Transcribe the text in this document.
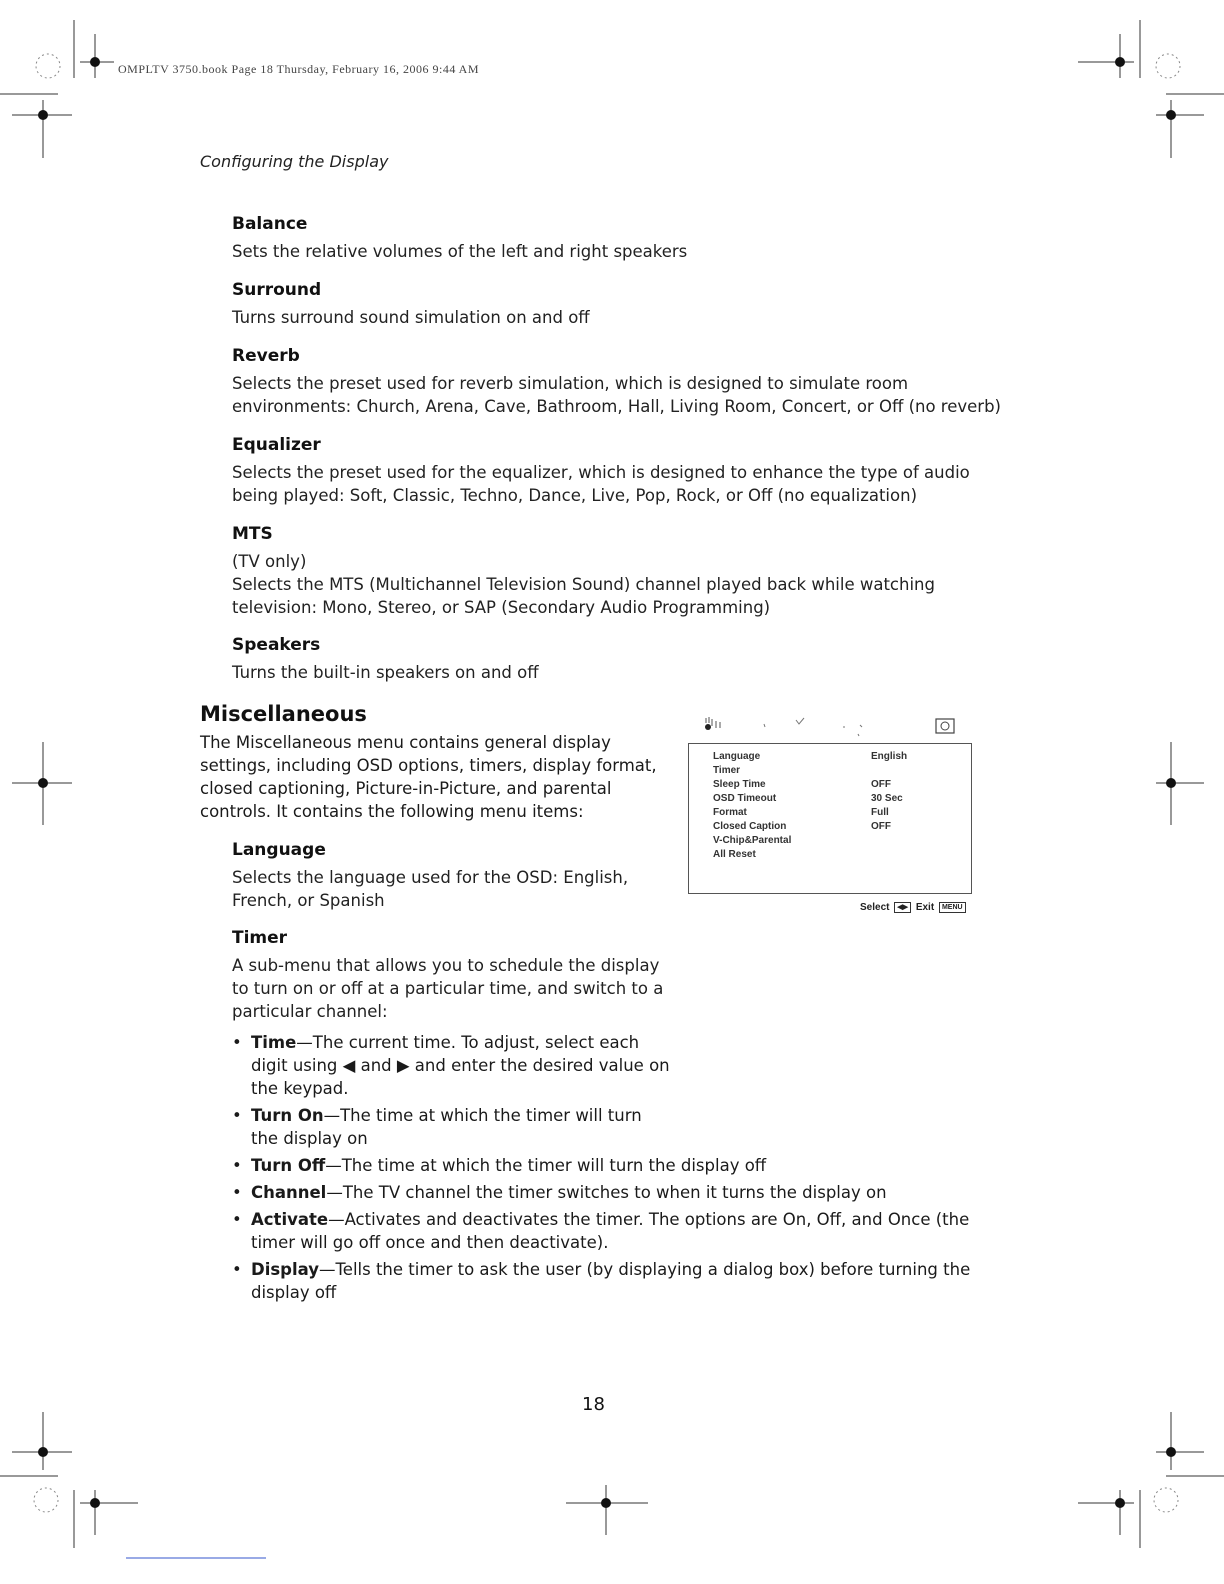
OMPLTV 3750.book Page 18 Thursday, February 16, 2006 9:44 AM
Configuring the Display
Balance

Sets the relative volumes of the left and right speakers

Surround

Turns surround sound simulation on and off

Reverb

Selects the preset used for reverb simulation, which is designed to simulate room

environments: Church, Arena, Cave, Bathroom, Hall, Living Room, Concert, or Off (no reverb)

Equalizer

Selects the preset used for the equalizer, which is designed to enhance the type of audio

being played: Soft, Classic, Techno, Dance, Live, Pop, Rock, or Off (no equalization)

MTS

(TV only)

Selects the MTS (Multichannel Television Sound) channel played back while watching

television: Mono, Stereo, or SAP (Secondary Audio Programming)

Speakers

Turns the built-in speakers on and off

Miscellaneous
The Miscellaneous menu contains general display
settings, including OSD options, timers, display format,
closed captioning, Picture-in-Picture, and parental
controls. It contains the following menu items:
Language

Selects the language used for the OSD: English,

French, or Spanish

Timer

A sub-menu that allows you to schedule the display

to turn on or off at a particular time, and switch to a

particular channel:

• Time—The current time. To adjust, select each
digit using ◀ and ▶ and enter the desired value on
the keypad.
• Turn On—The time at which the timer will turn
the display on
• Turn Off—The time at which the timer will turn the display off
• Channel—The TV channel the timer switches to when it turns the display on
• Activate—Activates and deactivates the timer. The options are On, Off, and Once (the
timer will go off once and then deactivate).
• Display—Tells the timer to ask the user (by displaying a dialog box) before turning the
display off
Language	English
Timer
Sleep Time	OFF
OSD Timeout	30 Sec
Format	Full
Closed Caption	OFF
V-Chip&Parental
All Reset
Select ◀▶ Exit MENU
18
